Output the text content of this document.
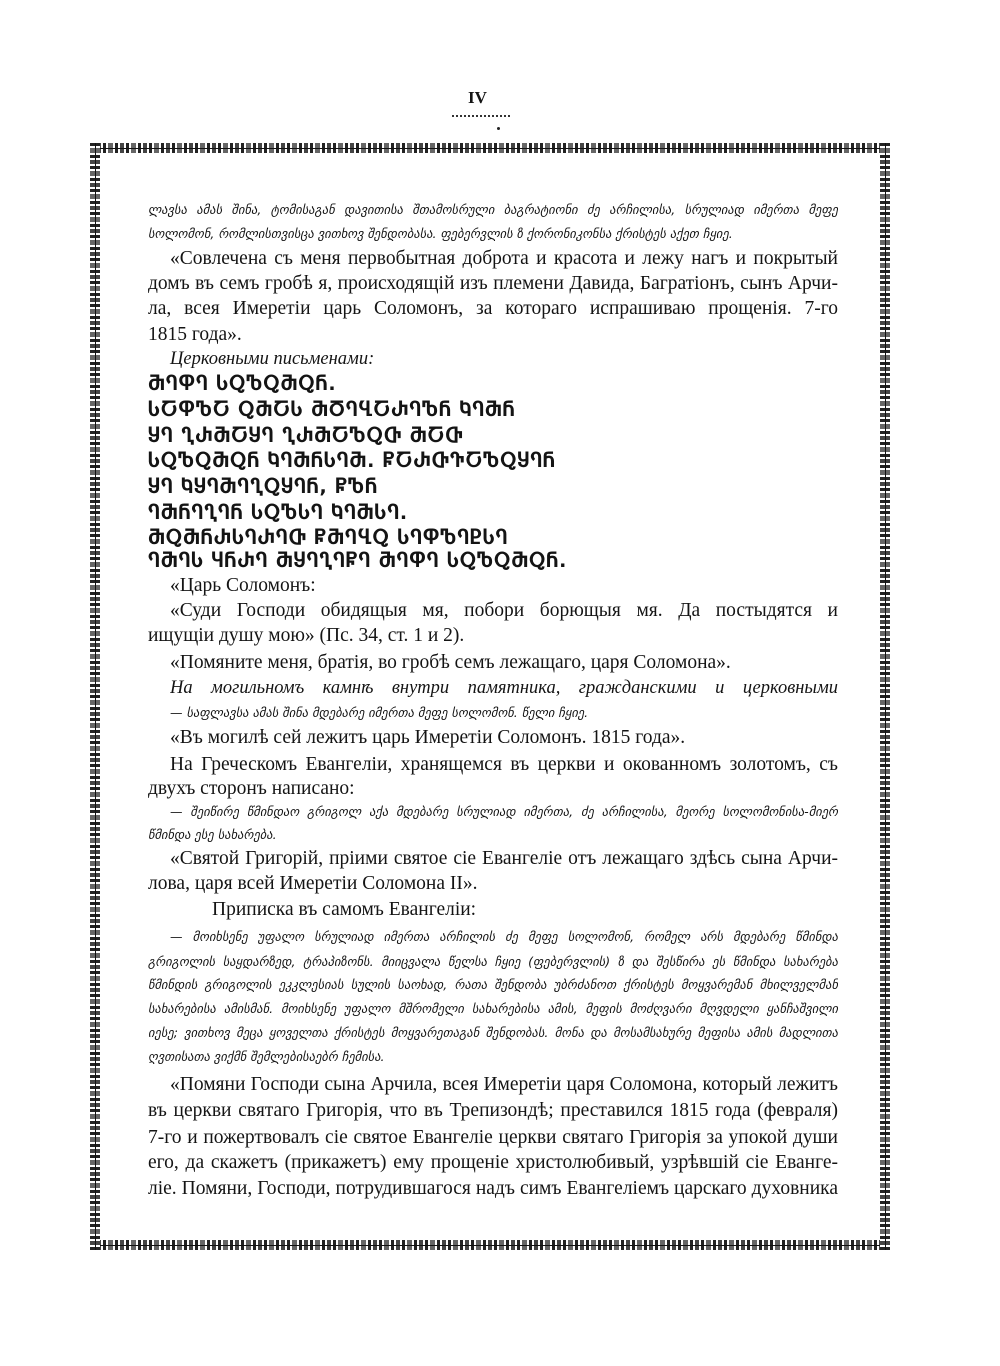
IV
ლავსა ამას შინა, ტომისაგან დავითისა შთამოსრული ბაგრატიონი ძე არჩილისა, სრულიად იმერთა მეფე
სოლომონ, რომლისთვისცა ვითხოვ შენდობასა. ფებერვლის ზ ქორონიკონსა ქრისტეს აქეთ ჩყიე.
«Совлечена съ меня первобытная доброта и красота и лежу нагъ и покрытый
домъ въ семъ гробѣ я, происходящій изъ племени Давида, Багратіонъ, сынъ Арчи-
ла, всея Имеретіи царь Соломонъ, за котораго испрашиваю прощенія. 7-го
1815 года».
Церковными письменами:
ႫႤႴႤ ႱႭႪႭႫႭႬ.
ႱႠႴႪႠ ႭႫႠႱ ႫႣႤႡႠႰႤႪႬ ႩႤႫႬ
ႸႤ ႢႰႫႠႸႤ ႢႰႫႠႪႭႧ ႫႠႧ
ႱႭႪႭႫႭႬ ႩႤႫႬႱႤႫ. ႼႠႰႧႥႠႪႭႸႤႬ
ႸႤ ႩႸႤႫႤႢႭႸႤႬ, ႼႪႬ
ႤႫႬႤႢႤႬ ႱႭႪႱႤ ႩႤႫႱႤ.
ႫႭႫႬႰႱႤႰႤႧ ႼႫႤႡႭ ႱႤႴႪႤႲႱႤ
ႤႫႤႱ ႷႬႰႤ ႫႸႤႢႤႼႤ ႫႤႴႤ ႱႭႪႭႫႭႬ.
«Царь Соломонъ:
«Суди Господи обидящыя мя, побори борющыя мя. Да постыдятся и
ищущіи душу мою» (Пс. 34, ст. 1 и 2).
«Помяните меня, братія, во гробѣ семъ лежащаго, царя Соломона».
На могильномъ камнѣ внутри памятника, гражданскими и церковными
— საფლავსა ამას შინა მდებარე იმერთა მეფე სოლომონ. წელი ჩყიე.
«Въ могилѣ сей лежитъ царь Имеретіи Соломонъ. 1815 года».
На Греческомъ Евангеліи, хранящемся въ церкви и окованномъ золотомъ, съ
двухъ сторонъ написано:
— შეიწირე წმინდაო გრიგოლ აქა მდებარე სრულიად იმერთა, ძე არჩილისა, მეორე სოლომონისა-მიერ
წმინდა ესე სახარება.
«Святой Григорій, пріими святое сіе Евангеліе отъ лежащаго здѣсь сына Арчи-
лова, царя всей Имеретіи Соломона II».
Приписка въ самомъ Евангеліи:
— მოიხსენე უფალო სრულიად იმერთა არჩილის ძე მეფე სოლომონ, რომელ არს მდებარე წმინდა
გრიგოლის საყდარზედ, ტრაპიზონს. მიიცვალა წელსა ჩყიე (ფებერვლის) ზ და შესწირა ეს წმინდა სახარება
წმინდის გრიგოლის ეკკლესიას სულის საოხად, რათა შენდობა უბრძანოთ ქრისტეს მოყვარემან მხილველმან
სახარებისა ამისმან. მოიხსენე უფალო მშრომელი სახარებისა ამის, მეფის მოძღვარი მღვდელი ყანჩაშვილი
იესე; ვითხოვ მეცა ყოველთა ქრისტეს მოყვარეთაგან შენდობას. მონა და მოსამსახურე მეფისა ამის მადლითა
ღვთისათა ვიქმნ შემლებისაებრ ჩემისა.
«Помяни Господи сына Арчила, всея Имеретіи царя Соломона, который лежитъ
въ церкви святаго Григорія, что въ Трепизондѣ; преставился 1815 года (февраля)
7-го и пожертвовалъ сіе святое Евангеліе церкви святаго Григорія за упокой души
его, да скажетъ (прикажетъ) ему прощеніе христолюбивый, узрѣвшій сіе Еванге-
ліе. Помяни, Господи, потрудившагося надъ симъ Евангеліемъ царскаго духовника
